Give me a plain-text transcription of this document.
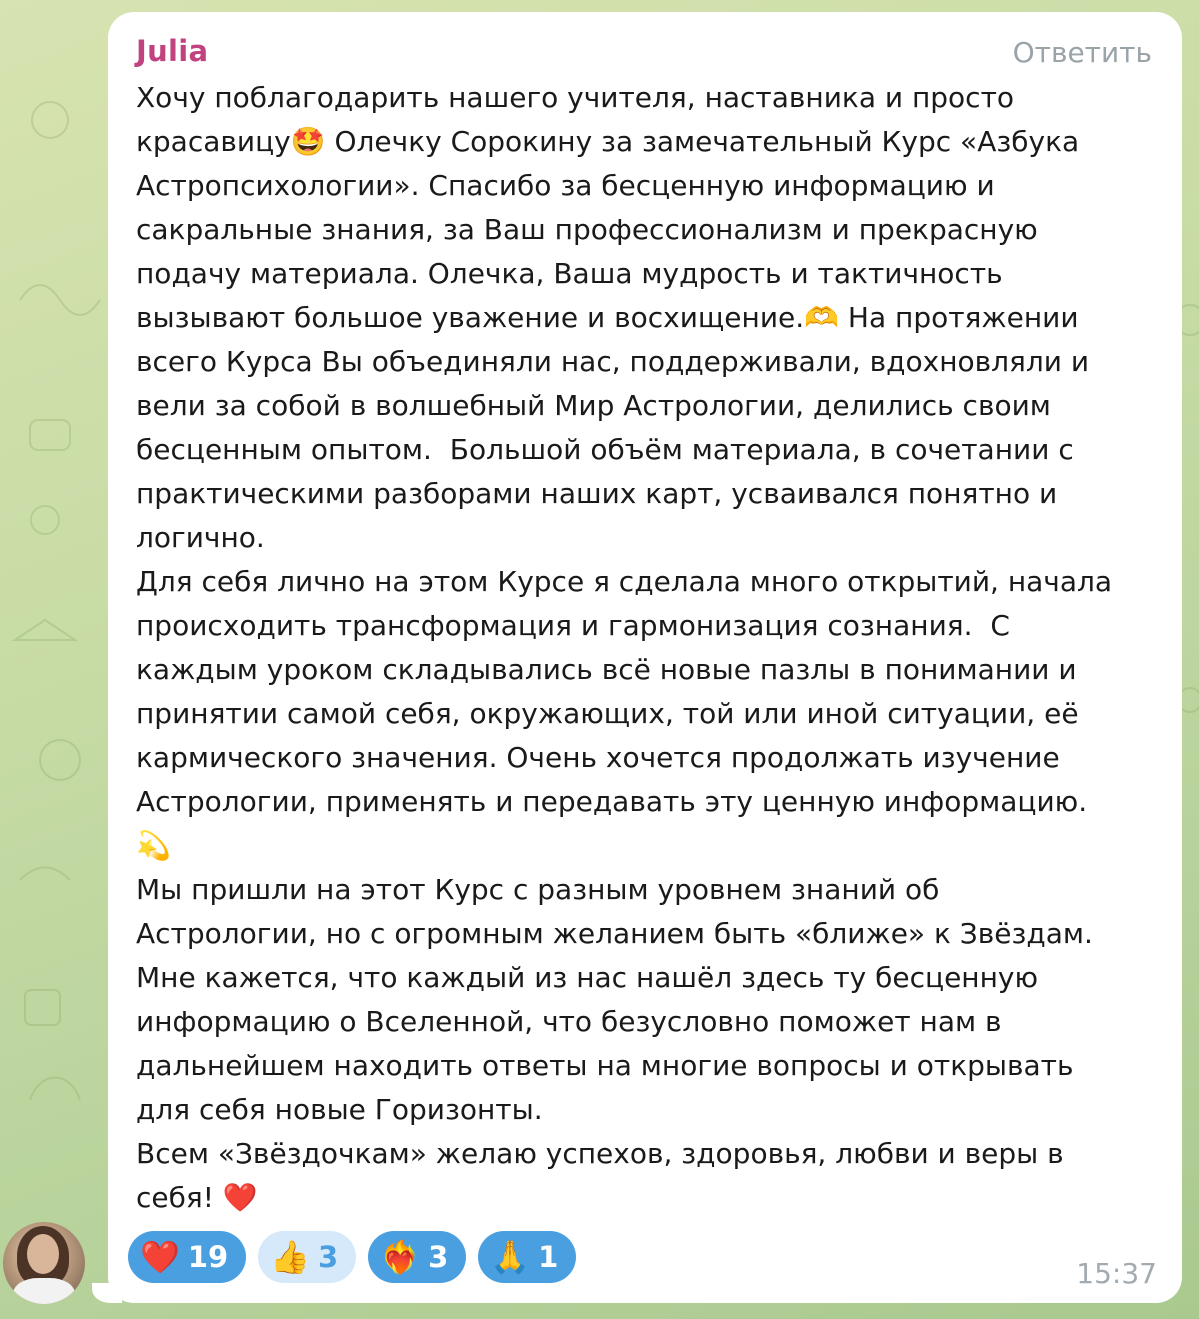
Julia	Ответить
Хочу поблагодарить нашего учителя, наставника и просто
красавицу🤩 Олечку Сорокину за замечательный Курс «Азбука
Астропсихологии». Спасибо за бесценную информацию и
сакральные знания, за Ваш профессионализм и прекрасную
подачу материала. Олечка, Ваша мудрость и тактичность
вызывают большое уважение и восхищение.🫶 На протяжении
всего Курса Вы объединяли нас, поддерживали, вдохновляли и
вели за собой в волшебный Мир Астрологии, делились своим
бесценным опытом.  Большой объём материала, в сочетании с
практическими разборами наших карт, усваивался понятно и
логично.
Для себя лично на этом Курсе я сделала много открытий, начала
происходить трансформация и гармонизация сознания.  С
каждым уроком складывались всё новые пазлы в понимании и
принятии самой себя, окружающих, той или иной ситуации, её
кармического значения. Очень хочется продолжать изучение
Астрологии, применять и передавать эту ценную информацию.
💫
Мы пришли на этот Курс с разным уровнем знаний об
Астрологии, но с огромным желанием быть «ближе» к Звёздам.
Мне кажется, что каждый из нас нашёл здесь ту бесценную
информацию о Вселенной, что безусловно поможет нам в
дальнейшем находить ответы на многие вопросы и открывать
для себя новые Горизонты.
Всем «Звёздочкам» желаю успехов, здоровья, любви и веры в
себя! ❤️
❤️ 19 👍 3 ❤️‍🔥 3 🙏 1	15:37
